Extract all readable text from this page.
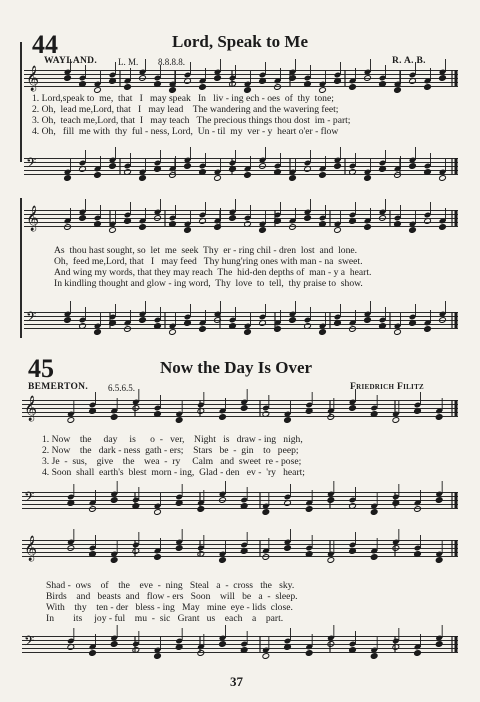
44	Lord, Speak to Me
WAYLAND. L. M. 8.8.8.8.	R. A. B.
1. Lord,speak to  me,  that   I   may speak   In   liv - ing ech - oes  of  thy  tone;
2. Oh,  lead me,Lord, that   I   may lead    The wandering and the wavering feet;
3. Oh,  teach me,Lord, that  I   may teach   The precious things thou dost  im - part;
4. Oh,   fill  me with  thy  ful - ness, Lord,  Un - til  my  ver - y  heart o'er - flow
As  thou hast sought, so  let  me  seek  Thy  er - ring chil - dren  lost  and  lone.
Oh,  feed me,Lord, that   I   may feed   Thy hung'ring ones with man - na  sweet.
And wing my words, that they may reach  The  hid-den depths of  man - y a  heart.
In kindling thought and glow - ing word,  Thy  love  to  tell,  thy praise to  show.
45	Now the Day Is Over
BEMERTON. 6.5.6.5.	Friedrich Filitz
1. Now    the     day     is      o  -   ver,    Night   is   draw - ing   nigh,
2. Now    the   dark - ness  gath - ers;    Stars   be  -  gin    to   peep;
3. Je  -  sus,    give    the    wea  -  ry     Calm   and  sweet  re - pose;
4. Soon  shall  earth's  blest  morn - ing,  Glad - den   ev -  'ry   heart;
Shad -  ows    of    the    eve  -  ning   Steal   a  -  cross   the   sky.
Birds    and   beasts  and   flow - ers   Soon    will   be   a  -  sleep.
With    thy    ten - der   bless - ing   May   mine  eye - lids  close.
In        its     joy - ful    mu  -  sic   Grant   us    each    a    part.
𝄞
𝄢
𝄞
𝄢
𝄞
𝄢
𝄞
𝄢
37
